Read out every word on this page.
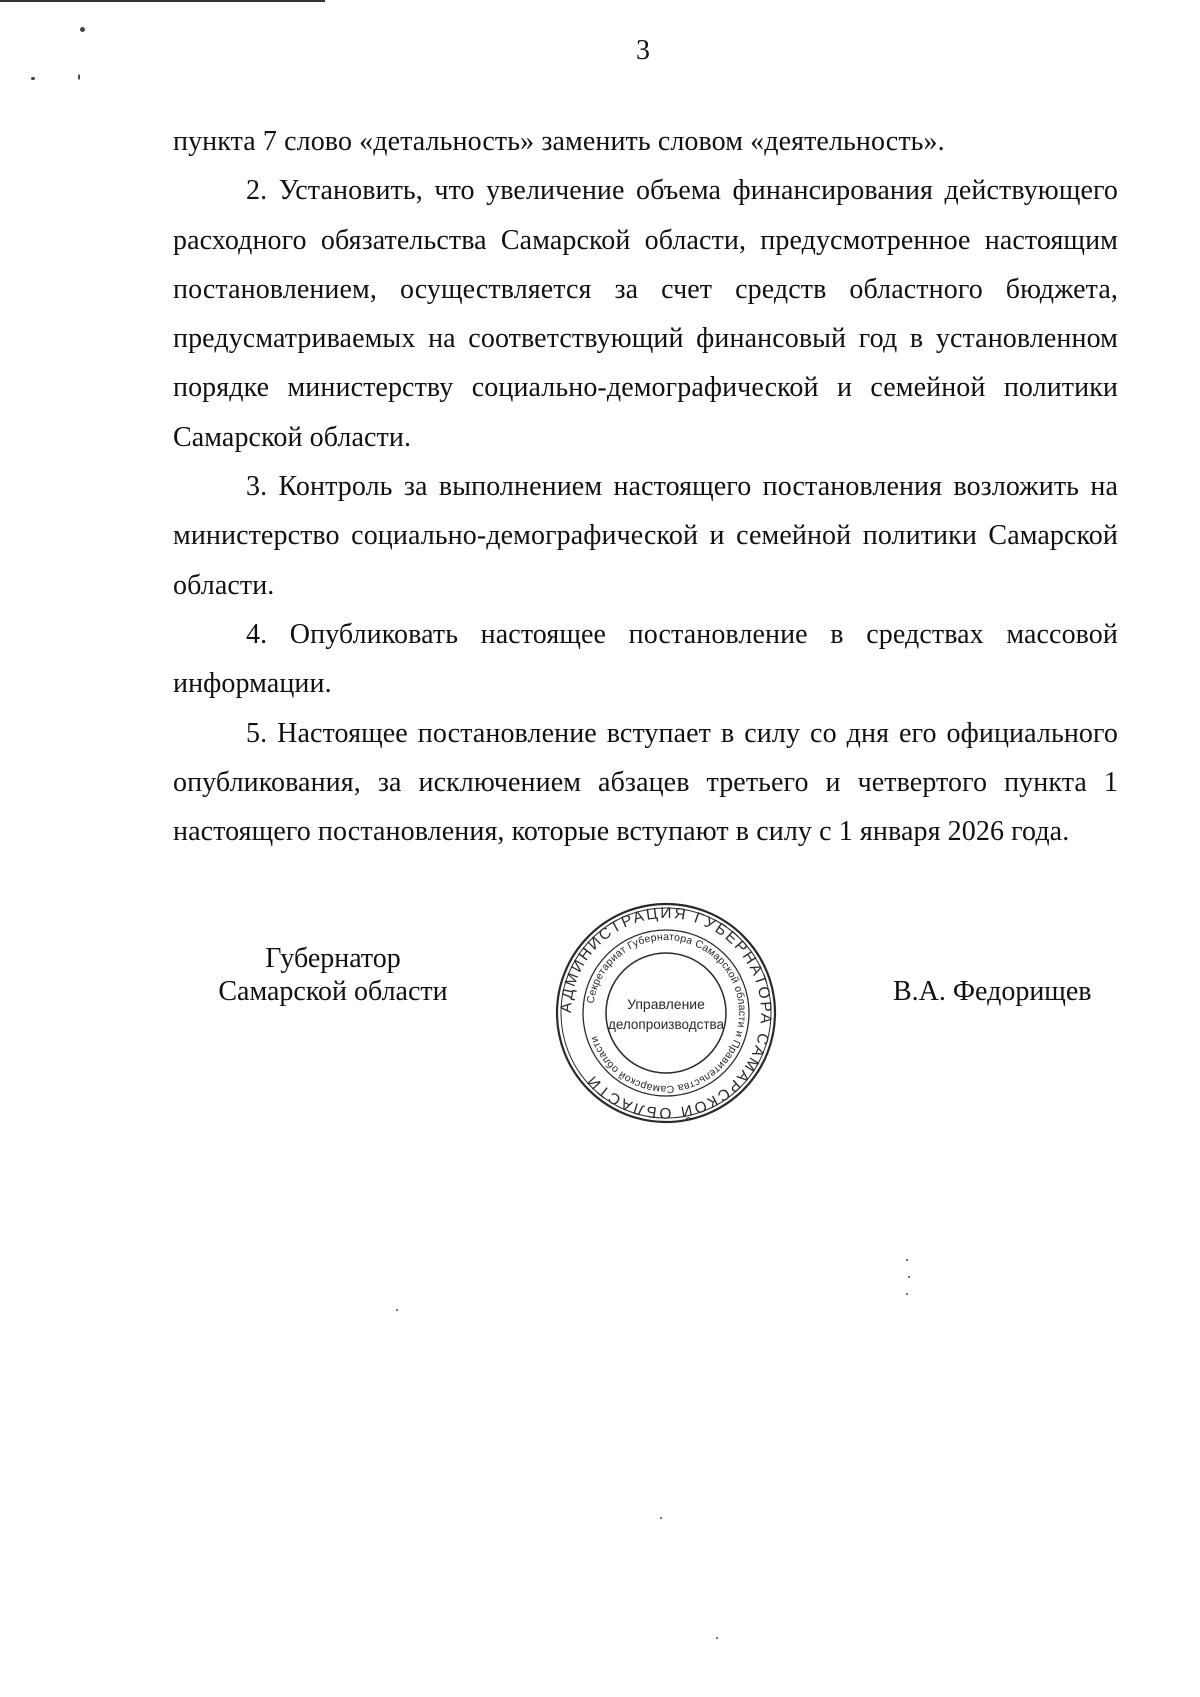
3

пункта 7 слово «детальность» заменить словом «деятельность».

2. Установить, что увеличение объема финансирования действующего расходного обязательства Самарской области, предусмотренное настоящим постановлением, осуществляется за счет средств областного бюджета, предусматриваемых на соответствующий финансовый год в установленном порядке министерству социально-демографической и семейной политики Самарской области.

3. Контроль за выполнением настоящего постановления возложить на министерство социально-демографической и семейной политики Самарской области.

4. Опубликовать настоящее постановление в средствах массовой информации.

5. Настоящее постановление вступает в силу со дня его официального опубликования, за исключением абзацев третьего и четвертого пункта 1 настоящего постановления, которые вступают в силу с 1 января 2026 года.

Губернатор
Самарской области	В.А. Федорищев
АДМИНИСТРАЦИЯ ГУБЕРНАТОРА САМАРСКОЙ ОБЛАСТИ
Секретариат Губернатора Самарской области и Правительства Самарской области
Управление
делопроизводства
